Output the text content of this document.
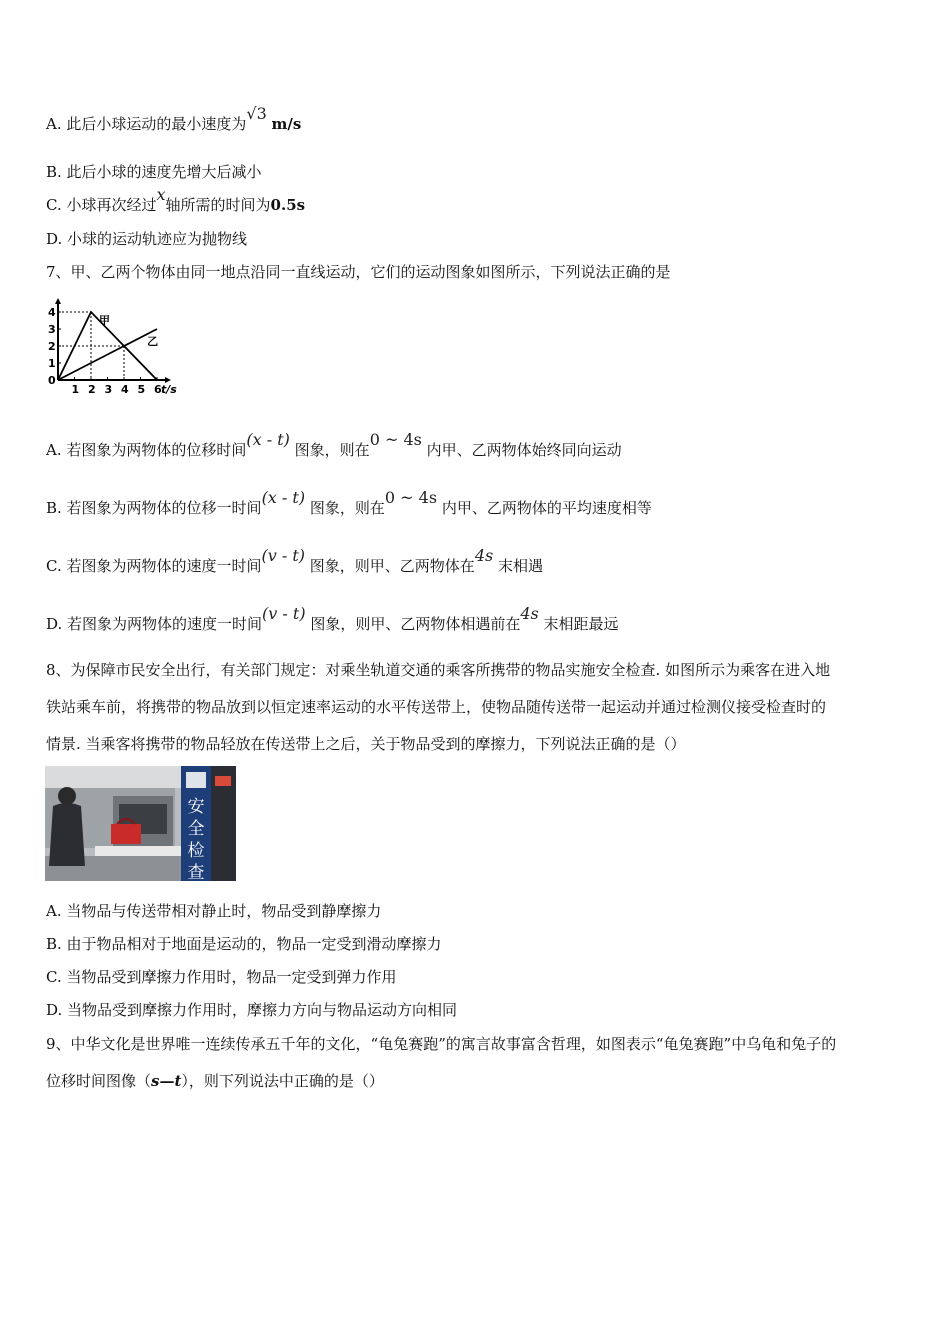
A. 此后小球运动的最小速度为√3 m/s
B. 此后小球的速度先增大后减小
C. 小球再次经过x轴所需的时间为0.5s
D. 小球的运动轨迹应为抛物线
7、甲、乙两个物体由同一地点沿同一直线运动，它们的运动图象如图所示，下列说法正确的是
0
1 2 3 4 5 6
1
2
3
4
t/s
甲
乙
A. 若图象为两物体的位移时间(x - t) 图象，则在0 ~ 4s 内甲、乙两物体始终同向运动
B. 若图象为两物体的位移一时间(x - t) 图象，则在0 ~ 4s 内甲、乙两物体的平均速度相等
C. 若图象为两物体的速度一时间(v - t) 图象，则甲、乙两物体在4s 末相遇
D. 若图象为两物体的速度一时间(v - t) 图象，则甲、乙两物体相遇前在4s 末相距最远
8、为保障市民安全出行，有关部门规定：对乘坐轨道交通的乘客所携带的物品实施安全检查. 如图所示为乘客在进入地
铁站乘车前，将携带的物品放到以恒定速率运动的水平传送带上，使物品随传送带一起运动并通过检测仪接受检查时的
情景. 当乘客将携带的物品轻放在传送带上之后，关于物品受到的摩擦力，下列说法正确的是（）
安
全
检
查
A. 当物品与传送带相对静止时，物品受到静摩擦力
B. 由于物品相对于地面是运动的，物品一定受到滑动摩擦力
C. 当物品受到摩擦力作用时，物品一定受到弹力作用
D. 当物品受到摩擦力作用时，摩擦力方向与物品运动方向相同
9、中华文化是世界唯一连续传承五千年的文化，“龟兔赛跑”的寓言故事富含哲理，如图表示“龟兔赛跑”中乌龟和兔子的
位移时间图像（s—t），则下列说法中正确的是（）
